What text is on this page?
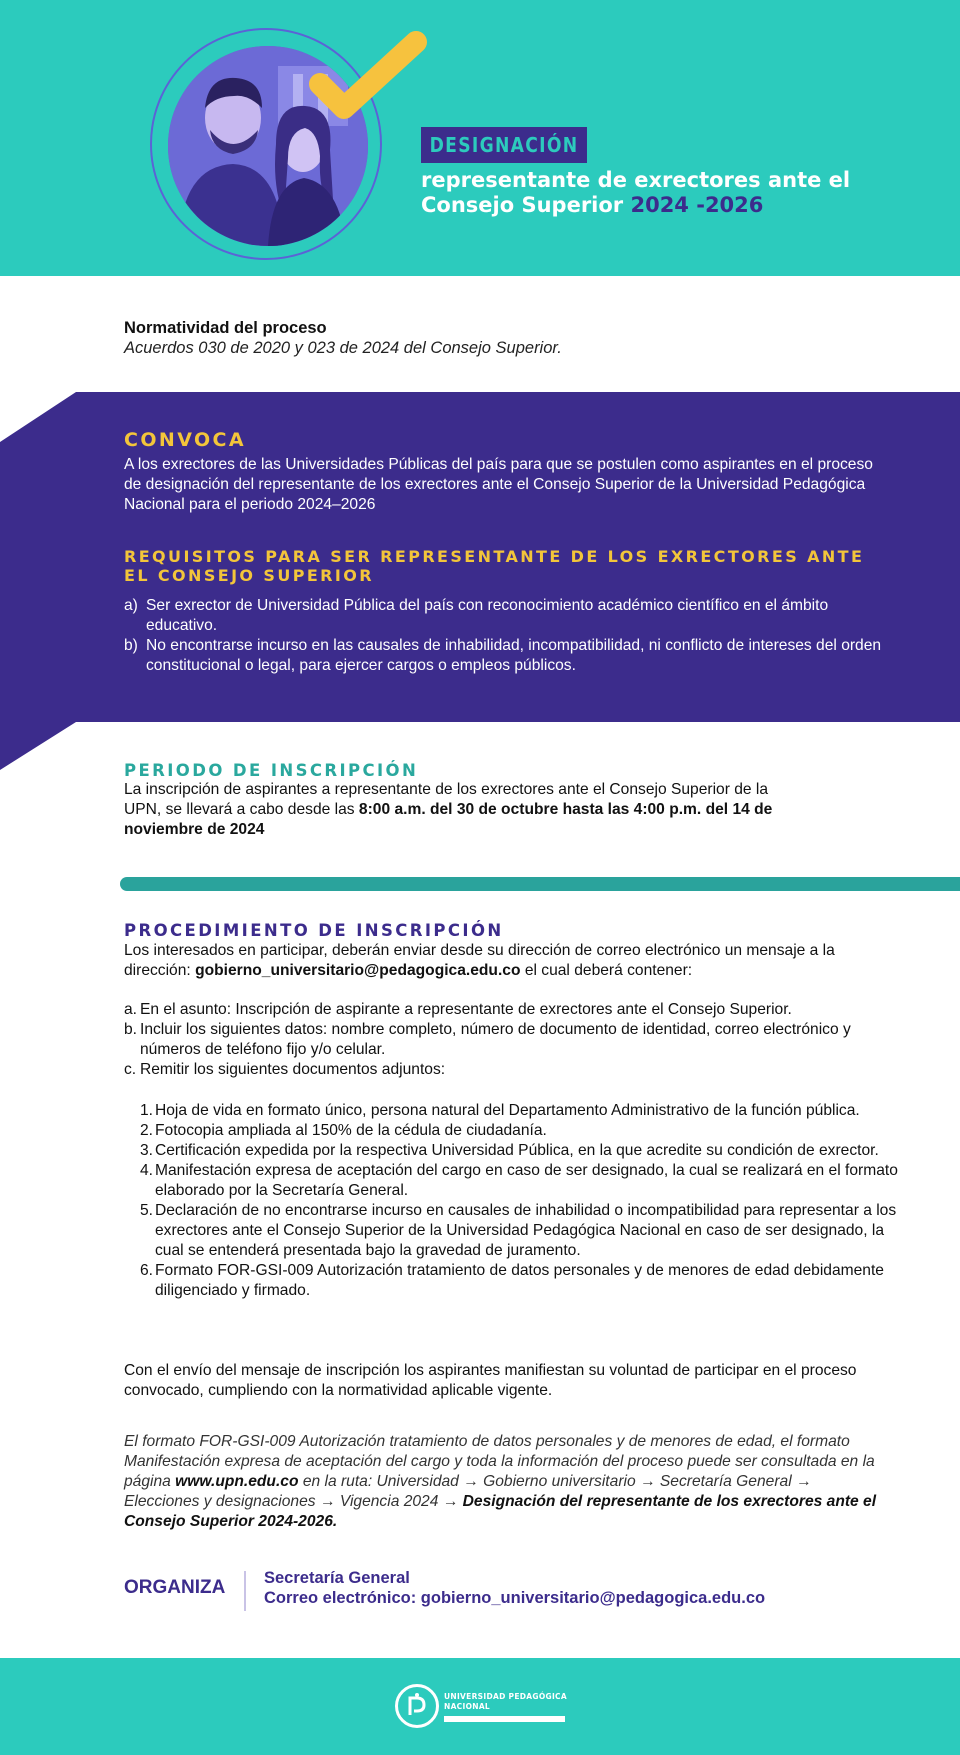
DESIGNACIÓN
representante de exrectores ante el Consejo Superior 2024 -2026
Normatividad del proceso
Acuerdos 030 de 2020 y 023 de 2024 del Consejo Superior.
CONVOCA
A los exrectores de las Universidades Públicas del país para que se postulen como aspirantes en el proceso de designación del representante de los exrectores ante el Consejo Superior de la Universidad Pedagógica Nacional para el periodo 2024–2026
REQUISITOS PARA SER REPRESENTANTE DE LOS EXRECTORES ANTE EL CONSEJO SUPERIOR
a) Ser exrector de Universidad Pública del país con reconocimiento académico científico en el ámbito educativo.
b) No encontrarse incurso en las causales de inhabilidad, incompatibilidad, ni conflicto de intereses del orden constitucional o legal, para ejercer cargos o empleos públicos.
PERIODO DE INSCRIPCIÓN
La inscripción de aspirantes a representante de los exrectores ante el Consejo Superior de la UPN, se llevará a cabo desde las 8:00 a.m. del 30 de octubre hasta las 4:00 p.m. del 14 de noviembre de 2024
PROCEDIMIENTO DE INSCRIPCIÓN
Los interesados en participar, deberán enviar desde su dirección de correo electrónico un mensaje a la dirección: gobierno_universitario@pedagogica.edu.co el cual deberá contener:
a. En el asunto: Inscripción de aspirante a representante de exrectores ante el Consejo Superior.
b. Incluir los siguientes datos: nombre completo, número de documento de identidad, correo electrónico y números de teléfono fijo y/o celular.
c. Remitir los siguientes documentos adjuntos:
1. Hoja de vida en formato único, persona natural del Departamento Administrativo de la función pública.
2. Fotocopia ampliada al 150% de la cédula de ciudadanía.
3. Certificación expedida por la respectiva Universidad Pública, en la que acredite su condición de exrector.
4. Manifestación expresa de aceptación del cargo en caso de ser designado, la cual se realizará en el formato elaborado por la Secretaría General.
5. Declaración de no encontrarse incurso en causales de inhabilidad o incompatibilidad para representar a los exrectores ante el Consejo Superior de la Universidad Pedagógica Nacional en caso de ser designado, la cual se entenderá presentada bajo la gravedad de juramento.
6. Formato FOR-GSI-009 Autorización tratamiento de datos personales y de menores de edad debidamente diligenciado y firmado.
Con el envío del mensaje de inscripción los aspirantes manifiestan su voluntad de participar en el proceso convocado, cumpliendo con la normatividad aplicable vigente.
El formato FOR-GSI-009 Autorización tratamiento de datos personales y de menores de edad, el formato Manifestación expresa de aceptación del cargo y toda la información del proceso puede ser consultada en la página www.upn.edu.co en la ruta: Universidad → Gobierno universitario → Secretaría General → Elecciones y designaciones → Vigencia 2024 → Designación del representante de los exrectores ante el Consejo Superior 2024-2026.
ORGANIZA Secretaría General
Correo electrónico: gobierno_universitario@pedagogica.edu.co
UNIVERSIDAD PEDAGÓGICA
NACIONAL
